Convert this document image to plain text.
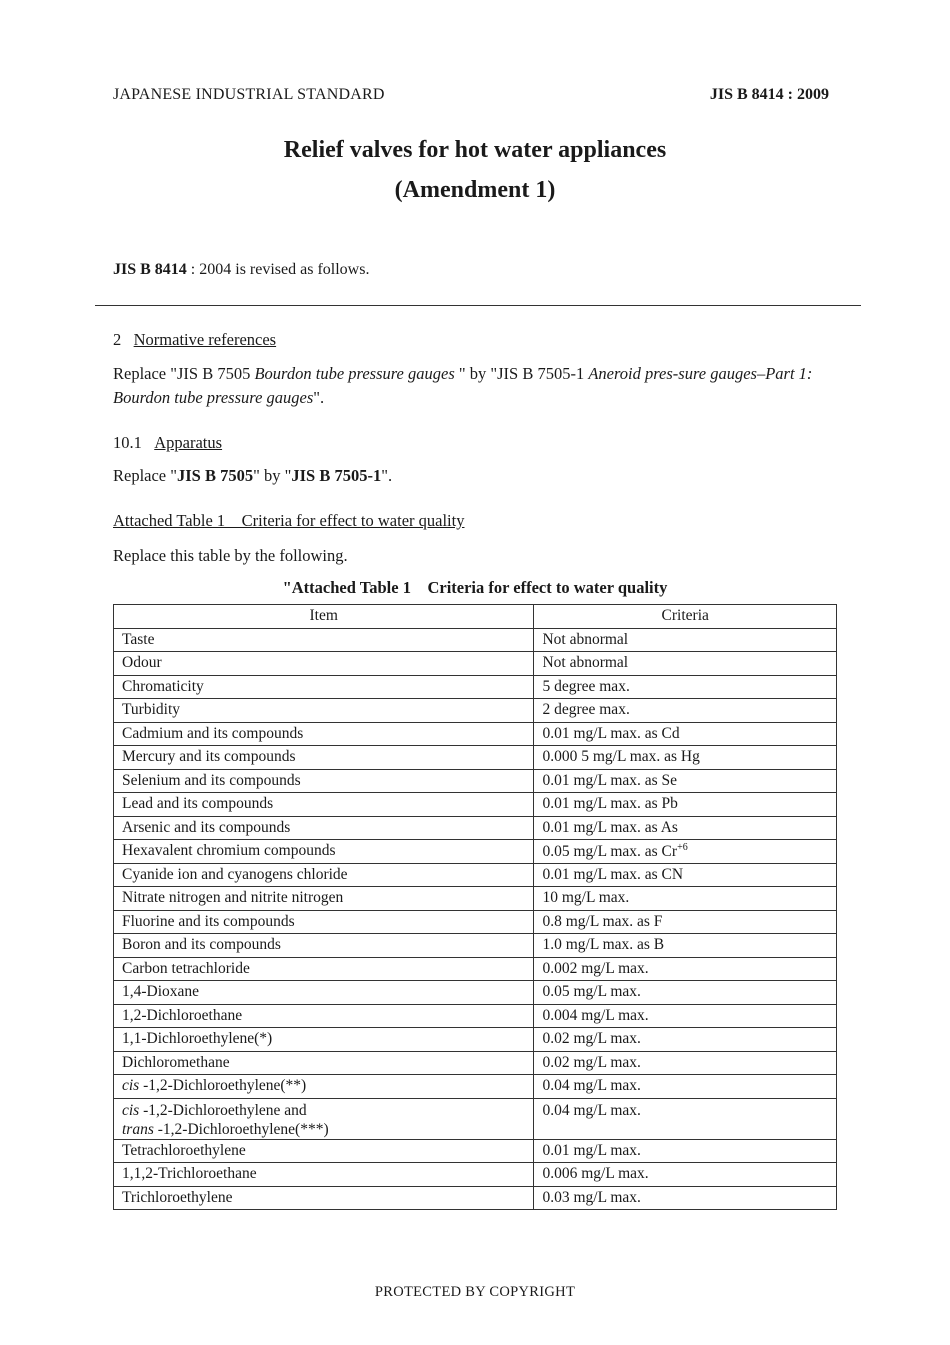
JAPANESE INDUSTRIAL STANDARD	JIS B 8414 : 2009
Relief valves for hot water appliances
(Amendment 1)
JIS B 8414 : 2004 is revised as follows.
2 Normative references
Replace "JIS B 7505 Bourdon tube pressure gauges " by "JIS B 7505-1 Aneroid pres-sure gauges–Part 1: Bourdon tube pressure gauges".
10.1 Apparatus
Replace "JIS B 7505" by "JIS B 7505-1".
Attached Table 1 Criteria for effect to water quality
Replace this table by the following.
"Attached Table 1 Criteria for effect to water quality
Item	Criteria
Taste	Not abnormal
Odour	Not abnormal
Chromaticity	5 degree max.
Turbidity	2 degree max.
Cadmium and its compounds	0.01 mg/L max. as Cd
Mercury and its compounds	0.000 5 mg/L max. as Hg
Selenium and its compounds	0.01 mg/L max. as Se
Lead and its compounds	0.01 mg/L max. as Pb
Arsenic and its compounds	0.01 mg/L max. as As
Hexavalent chromium compounds	0.05 mg/L max. as $Cr^{+6}$
Cyanide ion and cyanogens chloride	0.01 mg/L max. as CN
Nitrate nitrogen and nitrite nitrogen	10 mg/L max.
Fluorine and its compounds	0.8 mg/L max. as F
Boron and its compounds	1.0 mg/L max. as B
Carbon tetrachloride	0.002 mg/L max.
1,4-Dioxane	0.05 mg/L max.
1,2-Dichloroethane	0.004 mg/L max.
1,1-Dichloroethylene(*)	0.02 mg/L max.
Dichloromethane	0.02 mg/L max.
cis -1,2-Dichloroethylene(**)	0.04 mg/L max.
cis -1,2-Dichloroethylene and
trans -1,2-Dichloroethylene(***)	0.04 mg/L max.
Tetrachloroethylene	0.01 mg/L max.
1,1,2-Trichloroethane	0.006 mg/L max.
Trichloroethylene	0.03 mg/L max.
PROTECTED BY COPYRIGHT
